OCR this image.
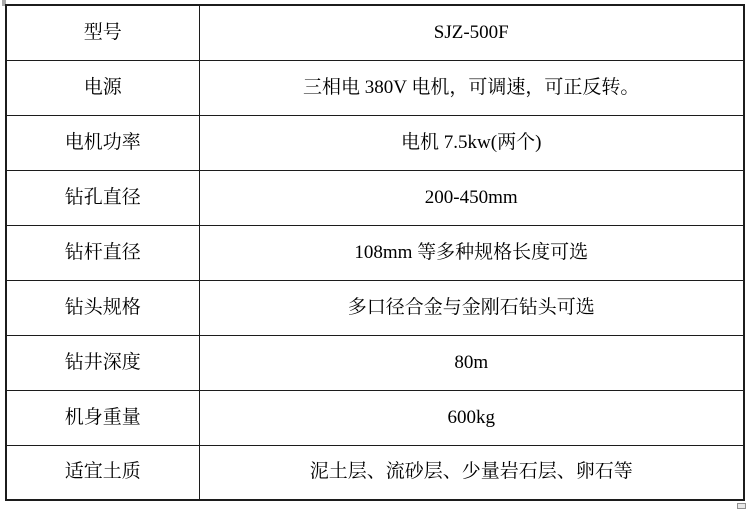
型号	SJZ-500F
电源	三相电 380V 电机，可调速，可正反转。
电机功率	电机 7.5kw(两个)
钻孔直径	200-450mm
钻杆直径	108mm 等多种规格长度可选
钻头规格	多口径合金与金刚石钻头可选
钻井深度	80m
机身重量	600kg
适宜土质	泥土层、流砂层、少量岩石层、卵石等
